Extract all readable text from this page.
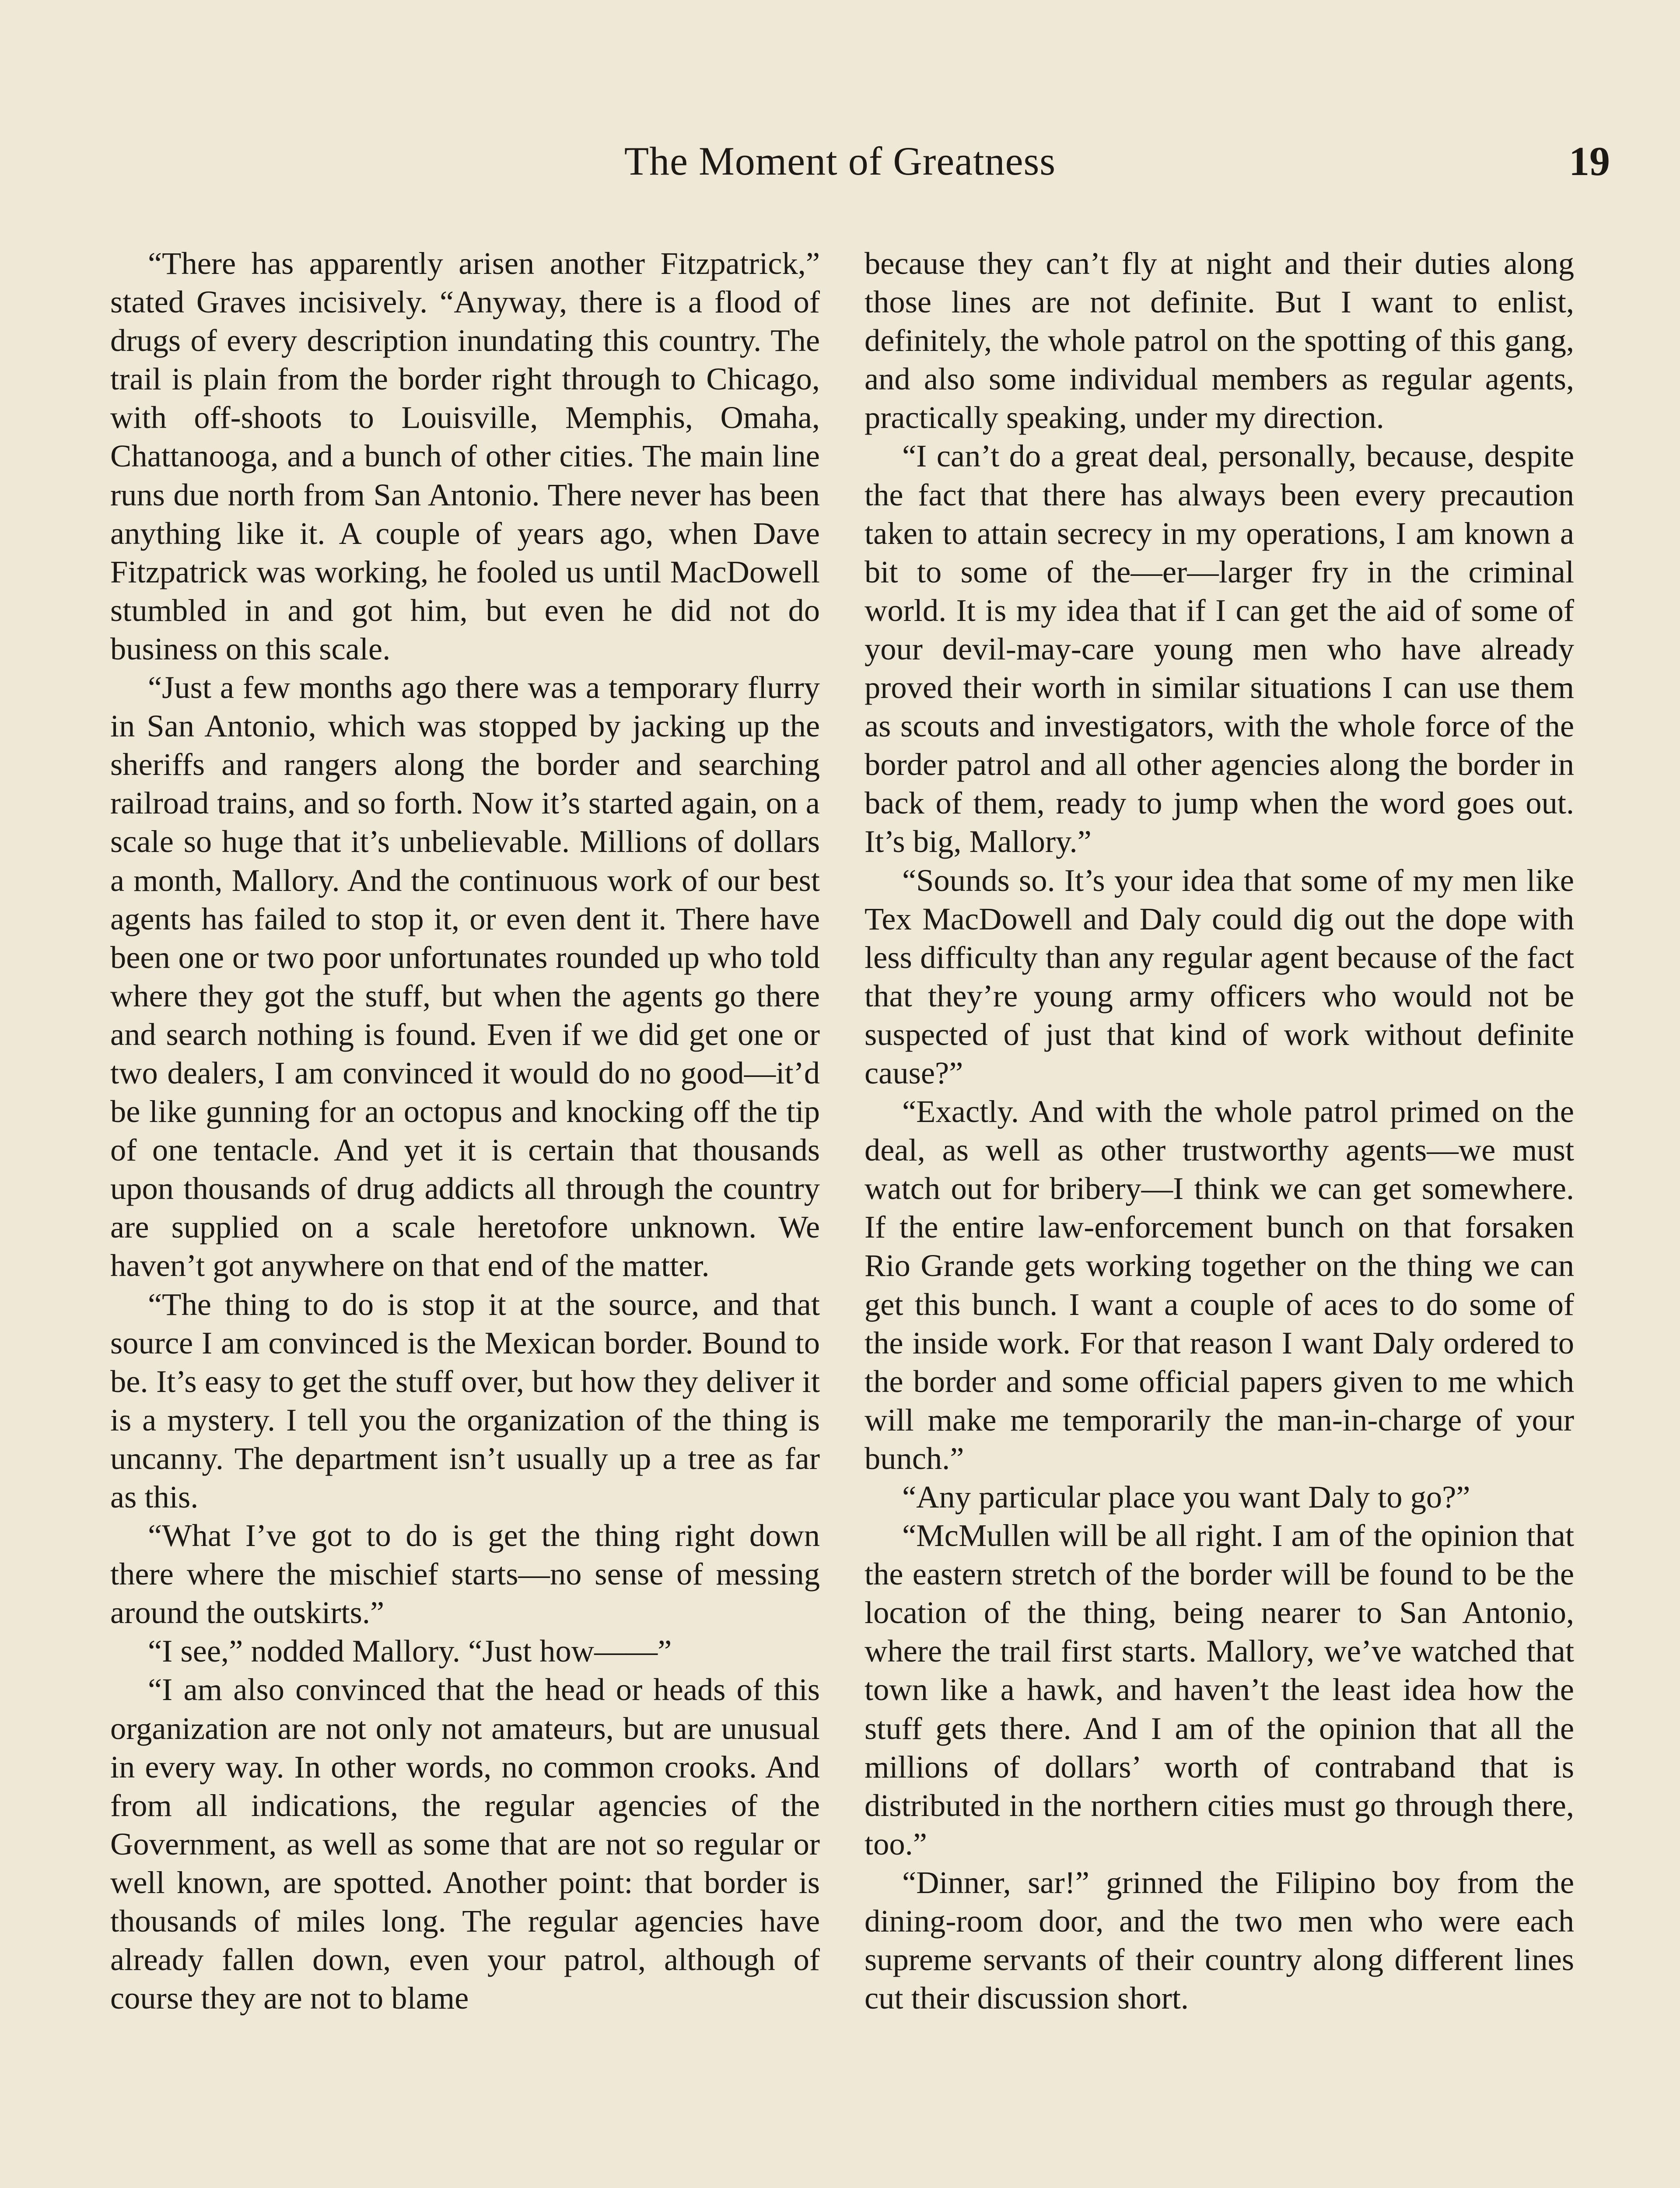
The Moment of Greatness	19

“There has apparently arisen another Fitzpatrick,” stated Graves incisively. “Anyway, there is a flood of drugs of every description inundating this country. The trail is plain from the border right through to Chicago, with off-shoots to Louisville, Memphis, Omaha, Chattanooga, and a bunch of other cities. The main line runs due north from San Antonio. There never has been anything like it. A couple of years ago, when Dave Fitzpatrick was working, he fooled us until MacDowell stumbled in and got him, but even he did not do business on this scale.

“Just a few months ago there was a temporary flurry in San Antonio, which was stopped by jacking up the sheriffs and rangers along the border and searching railroad trains, and so forth. Now it’s started again, on a scale so huge that it’s unbelievable. Millions of dollars a month, Mallory. And the continuous work of our best agents has failed to stop it, or even dent it. There have been one or two poor unfortunates rounded up who told where they got the stuff, but when the agents go there and search nothing is found. Even if we did get one or two dealers, I am convinced it would do no good—it’d be like gunning for an octopus and knocking off the tip of one tentacle. And yet it is certain that thousands upon thousands of drug addicts all through the country are supplied on a scale heretofore unknown. We haven’t got anywhere on that end of the matter.

“The thing to do is stop it at the source, and that source I am convinced is the Mexican border. Bound to be. It’s easy to get the stuff over, but how they deliver it is a mystery. I tell you the organization of the thing is uncanny. The department isn’t usually up a tree as far as this.

“What I’ve got to do is get the thing right down there where the mischief starts—no sense of messing around the outskirts.”

“I see,” nodded Mallory. “Just how——”

“I am also convinced that the head or heads of this organization are not only not amateurs, but are unusual in every way. In other words, no common crooks. And from all indications, the regular agencies of the Government, as well as some that are not so regular or well known, are spotted. Another point: that border is thousands of miles long. The regular agencies have already fallen down, even your patrol, although of course they are not to blame

because they can’t fly at night and their duties along those lines are not definite. But I want to enlist, definitely, the whole patrol on the spotting of this gang, and also some individual members as regular agents, practically speaking, under my direction.

“I can’t do a great deal, personally, because, despite the fact that there has always been every precaution taken to attain secrecy in my operations, I am known a bit to some of the—er—larger fry in the criminal world. It is my idea that if I can get the aid of some of your devil-may-care young men who have already proved their worth in similar situations I can use them as scouts and investigators, with the whole force of the border patrol and all other agencies along the border in back of them, ready to jump when the word goes out. It’s big, Mallory.”

“Sounds so. It’s your idea that some of my men like Tex MacDowell and Daly could dig out the dope with less difficulty than any regular agent because of the fact that they’re young army officers who would not be suspected of just that kind of work without definite cause?”

“Exactly. And with the whole patrol primed on the deal, as well as other trustworthy agents—we must watch out for bribery—I think we can get somewhere. If the entire law-enforcement bunch on that forsaken Rio Grande gets working together on the thing we can get this bunch. I want a couple of aces to do some of the inside work. For that reason I want Daly ordered to the border and some official papers given to me which will make me temporarily the man-in-charge of your bunch.”

“Any particular place you want Daly to go?”

“McMullen will be all right. I am of the opinion that the eastern stretch of the border will be found to be the location of the thing, being nearer to San Antonio, where the trail first starts. Mallory, we’ve watched that town like a hawk, and haven’t the least idea how the stuff gets there. And I am of the opinion that all the millions of dollars’ worth of contraband that is distributed in the northern cities must go through there, too.”

“Dinner, sar!” grinned the Filipino boy from the dining-room door, and the two men who were each supreme servants of their country along different lines cut their discussion short.
